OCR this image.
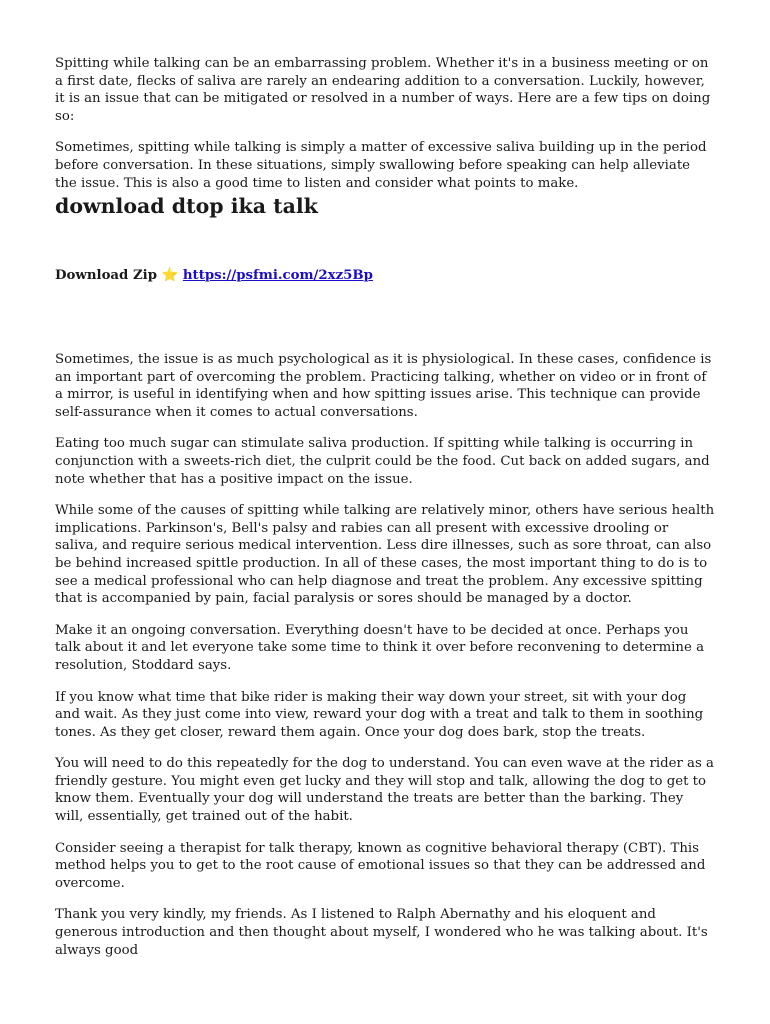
Spitting while talking can be an embarrassing problem. Whether it's in a business meeting or on a first date, flecks of saliva are rarely an endearing addition to a conversation. Luckily, however, it is an issue that can be mitigated or resolved in a number of ways. Here are a few tips on doing so:

Sometimes, spitting while talking is simply a matter of excessive saliva building up in the period before conversation. In these situations, simply swallowing before speaking can help alleviate the issue. This is also a good time to listen and consider what points to make.

download dtop ika talk
Download Zip ⭐ https://psfmi.com/2xz5Bp

Sometimes, the issue is as much psychological as it is physiological. In these cases, confidence is an important part of overcoming the problem. Practicing talking, whether on video or in front of a mirror, is useful in identifying when and how spitting issues arise. This technique can provide self-assurance when it comes to actual conversations.

Eating too much sugar can stimulate saliva production. If spitting while talking is occurring in conjunction with a sweets-rich diet, the culprit could be the food. Cut back on added sugars, and note whether that has a positive impact on the issue.

While some of the causes of spitting while talking are relatively minor, others have serious health implications. Parkinson's, Bell's palsy and rabies can all present with excessive drooling or saliva, and require serious medical intervention. Less dire illnesses, such as sore throat, can also be behind increased spittle production. In all of these cases, the most important thing to do is to see a medical professional who can help diagnose and treat the problem. Any excessive spitting that is accompanied by pain, facial paralysis or sores should be managed by a doctor.

Make it an ongoing conversation. Everything doesn't have to be decided at once. Perhaps you talk about it and let everyone take some time to think it over before reconvening to determine a resolution, Stoddard says.

If you know what time that bike rider is making their way down your street, sit with your dog and wait. As they just come into view, reward your dog with a treat and talk to them in soothing tones. As they get closer, reward them again. Once your dog does bark, stop the treats.

You will need to do this repeatedly for the dog to understand. You can even wave at the rider as a friendly gesture. You might even get lucky and they will stop and talk, allowing the dog to get to know them. Eventually your dog will understand the treats are better than the barking. They will, essentially, get trained out of the habit.

Consider seeing a therapist for talk therapy, known as cognitive behavioral therapy (CBT). This method helps you to get to the root cause of emotional issues so that they can be addressed and overcome.

Thank you very kindly, my friends. As I listened to Ralph Abernathy and his eloquent and generous introduction and then thought about myself, I wondered who he was talking about. It's always good
